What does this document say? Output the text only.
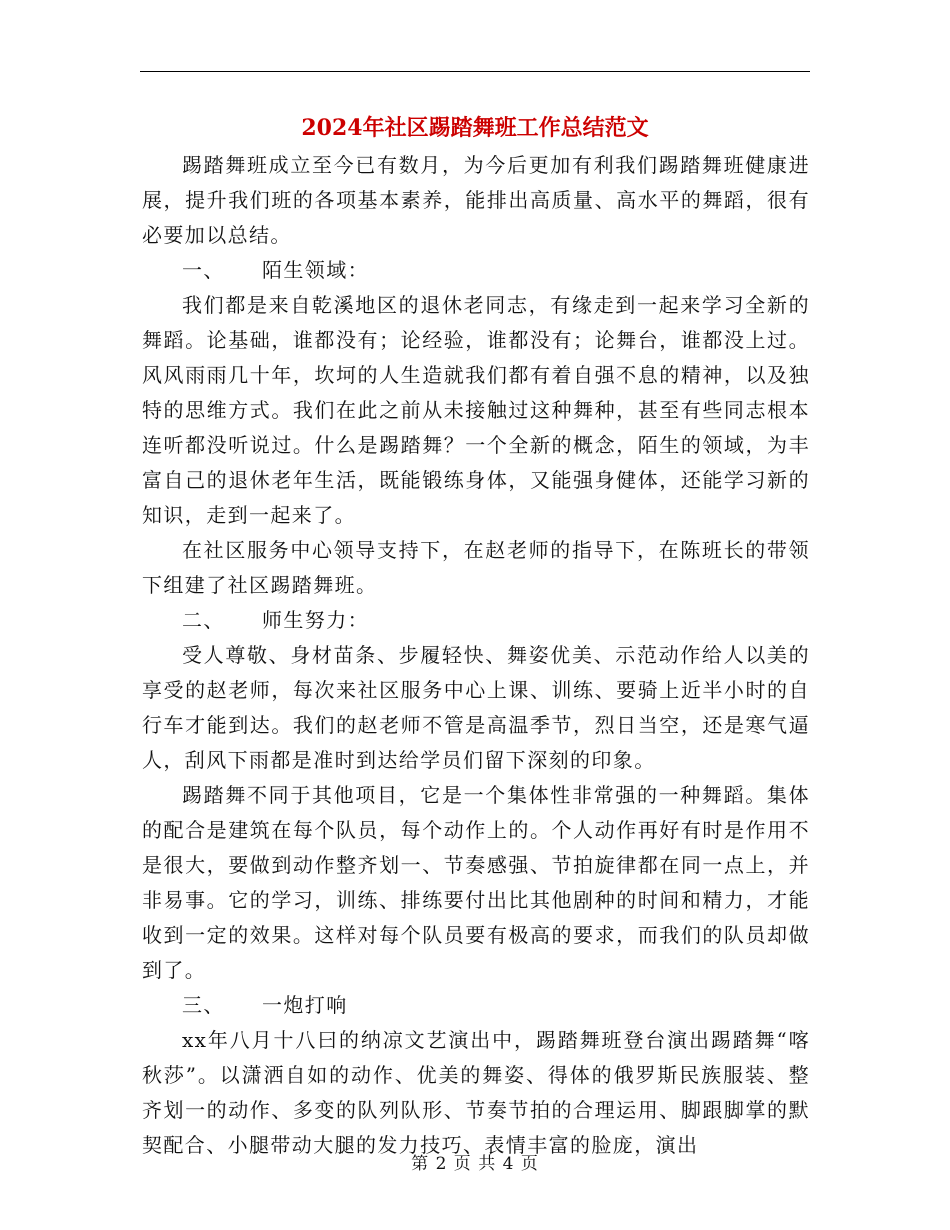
2024年社区踢踏舞班工作总结范文

踢踏舞班成立至今已有数月，为今后更加有利我们踢踏舞班健康进展，提升我们班的各项基本素养，能排出高质量、高水平的舞蹈，很有必要加以总结。

一、 陌生领域：

我们都是来自乾溪地区的退休老同志，有缘走到一起来学习全新的舞蹈。论基础，谁都没有；论经验，谁都没有；论舞台，谁都没上过。风风雨雨几十年，坎坷的人生造就我们都有着自强不息的精神，以及独特的思维方式。我们在此之前从未接触过这种舞种，甚至有些同志根本连听都没听说过。什么是踢踏舞？一个全新的概念，陌生的领域，为丰富自己的退休老年生活，既能锻练身体，又能强身健体，还能学习新的知识，走到一起来了。

在社区服务中心领导支持下，在赵老师的指导下，在陈班长的带领下组建了社区踢踏舞班。

二、 师生努力：

受人尊敬、身材苗条、步履轻快、舞姿优美、示范动作给人以美的享受的赵老师，每次来社区服务中心上课、训练、要骑上近半小时的自行车才能到达。我们的赵老师不管是高温季节，烈日当空，还是寒气逼人，刮风下雨都是准时到达给学员们留下深刻的印象。

踢踏舞不同于其他项目，它是一个集体性非常强的一种舞蹈。集体的配合是建筑在每个队员，每个动作上的。个人动作再好有时是作用不是很大，要做到动作整齐划一、节奏感强、节拍旋律都在同一点上，并非易事。它的学习，训练、排练要付出比其他剧种的时间和精力，才能收到一定的效果。这样对每个队员要有极高的要求，而我们的队员却做到了。

三、 一炮打响

xx年八月十八曰的纳凉文艺演出中，踢踏舞班登台演出踢踏舞“喀秋莎”。以潇洒自如的动作、优美的舞姿、得体的俄罗斯民族服装、整齐划一的动作、多变的队列队形、节奏节拍的合理运用、脚跟脚掌的默契配合、小腿带动大腿的发力技巧、表情丰富的脸庞，演出

第 2 页 共 4 页
